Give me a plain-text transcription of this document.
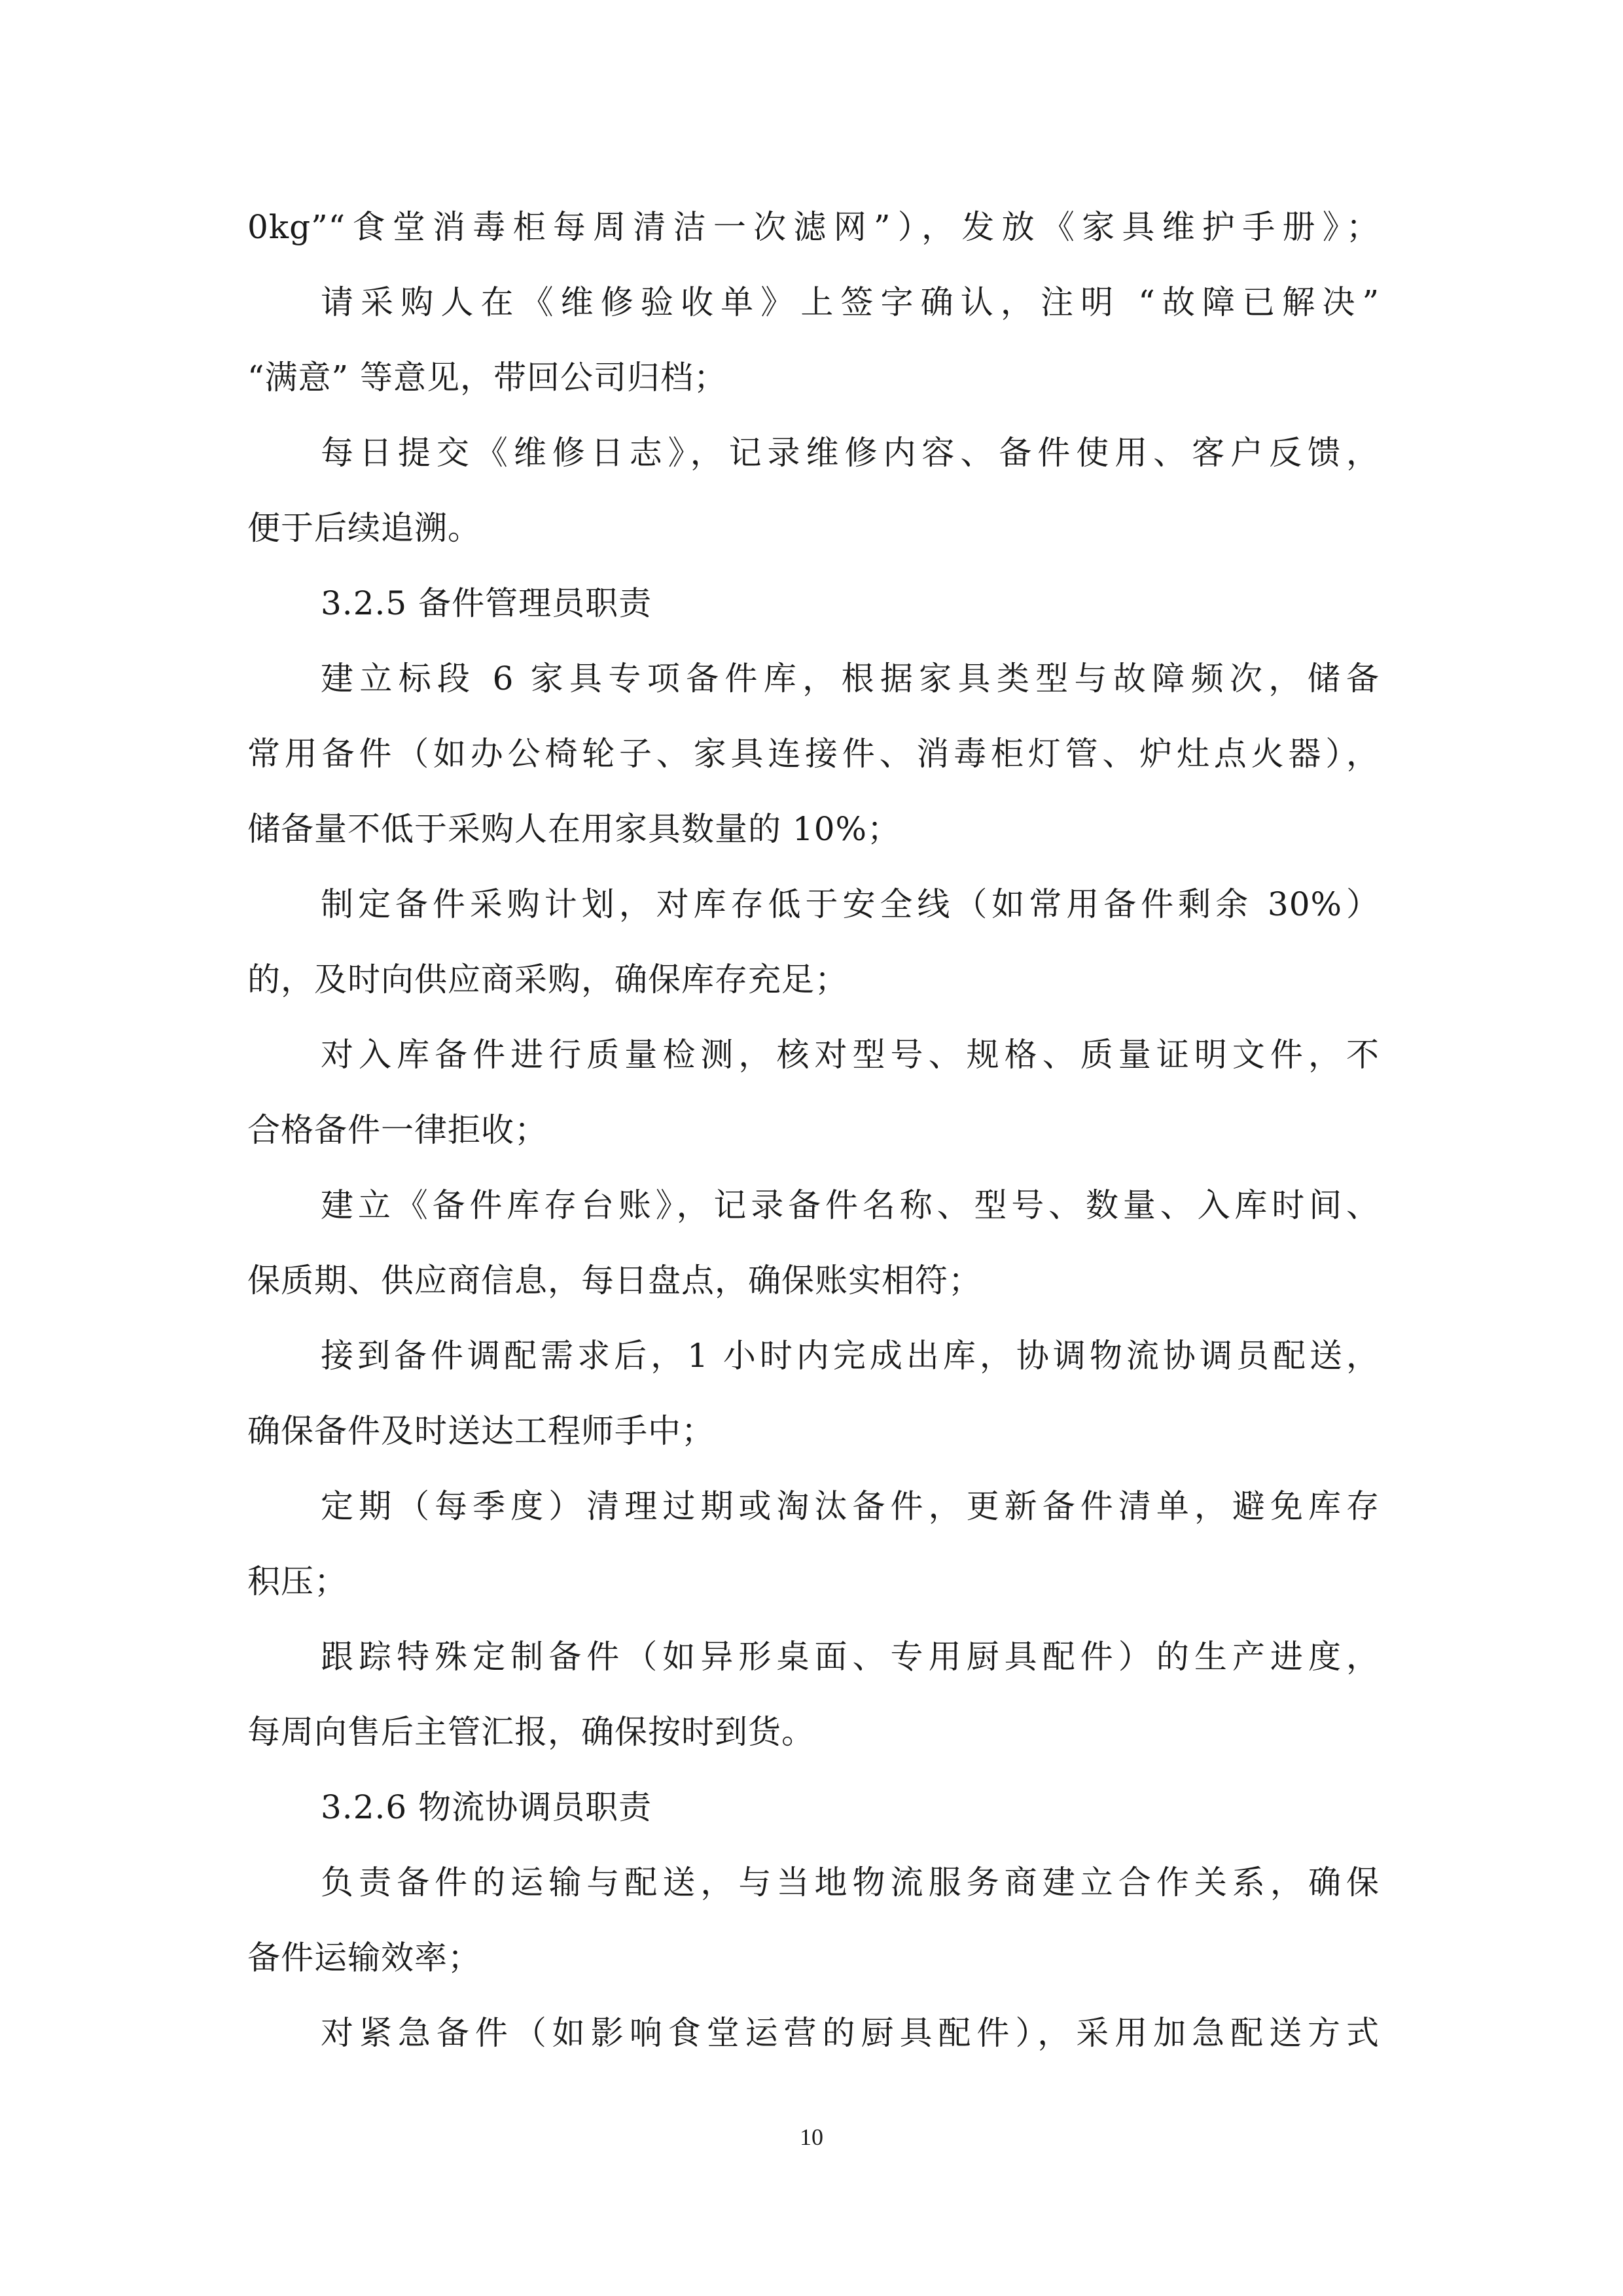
0kg”“食堂消毒柜每周清洁一次滤网”），发放《家具维护手册》；
请采购人在《维修验收单》上签字确认，注明 “故障已解决”
“满意” 等意见，带回公司归档；
每日提交《维修日志》，记录维修内容、备件使用、客户反馈，
便于后续追溯。
3.2.5 备件管理员职责
建立标段 6 家具专项备件库，根据家具类型与故障频次，储备
常用备件（如办公椅轮子、家具连接件、消毒柜灯管、炉灶点火器），
储备量不低于采购人在用家具数量的 10%；
制定备件采购计划，对库存低于安全线（如常用备件剩余 30%）
的，及时向供应商采购，确保库存充足；
对入库备件进行质量检测，核对型号、规格、质量证明文件，不
合格备件一律拒收；
建立《备件库存台账》，记录备件名称、型号、数量、入库时间、
保质期、供应商信息，每日盘点，确保账实相符；
接到备件调配需求后，1 小时内完成出库，协调物流协调员配送，
确保备件及时送达工程师手中；
定期（每季度）清理过期或淘汰备件，更新备件清单，避免库存
积压；
跟踪特殊定制备件（如异形桌面、专用厨具配件）的生产进度，
每周向售后主管汇报，确保按时到货。
3.2.6 物流协调员职责
负责备件的运输与配送，与当地物流服务商建立合作关系，确保
备件运输效率；
对紧急备件（如影响食堂运营的厨具配件），采用加急配送方式
10
